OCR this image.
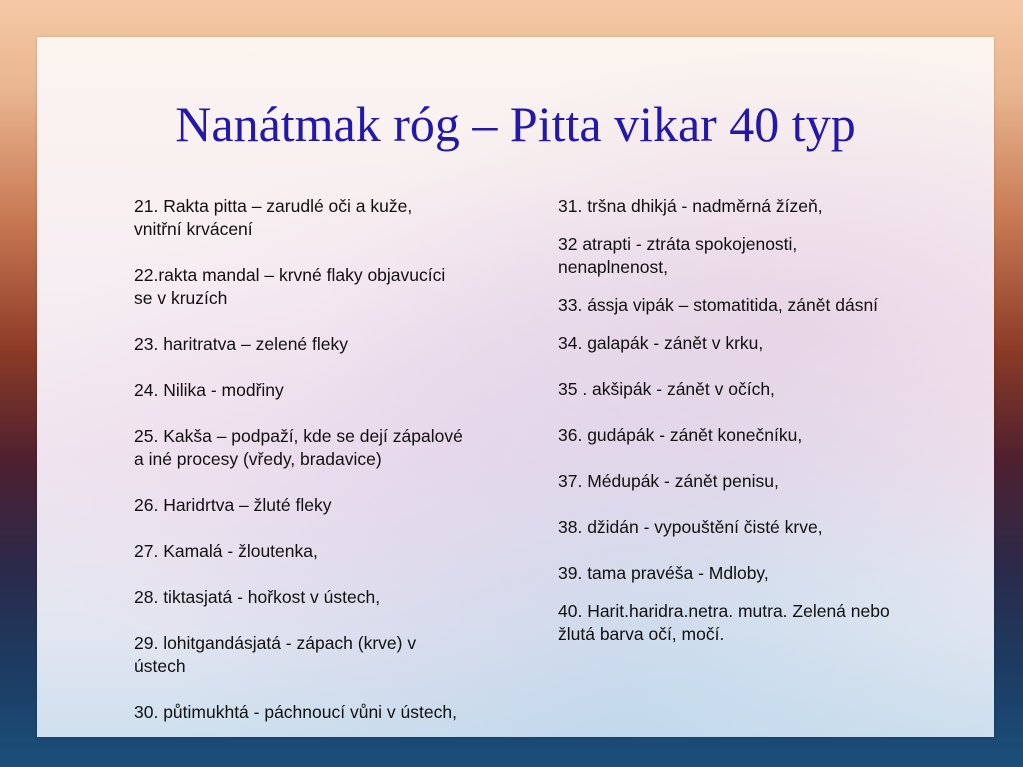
Nanátmak róg – Pitta vikar 40 typ

21. Rakta pitta – zarudlé oči a kuže,
vnitřní krvácení

22.rakta mandal – krvné flaky objavucíci
se v kruzích

23. haritratva – zelené fleky

24. Nilika - modřiny

25. Kakša – podpaží, kde se dejí zápalové
a iné procesy (vředy, bradavice)

26. Haridrtva – žluté fleky

27. Kamalá - žloutenka,

28. tiktasjatá - hořkost v ústech,

29. lohitgandásjatá - zápach (krve) v
ústech

30. půtimukhtá - páchnoucí vůni v ústech,

31. tršna dhikjá - nadměrná žízeň,

32 atrapti - ztráta spokojenosti,
nenaplnenost,

33. ássja vipák – stomatitida, zánět dásní

34. galapák - zánět v krku,

35 . akšipák - zánět v očích,

36. gudápák - zánět konečníku,

37. Médupák - zánět penisu,

38. džidán - vypouštění čisté krve,

39. tama pravéša - Mdloby,

40. Harit.haridra.netra. mutra. Zelená nebo
žlutá barva očí, močí.
